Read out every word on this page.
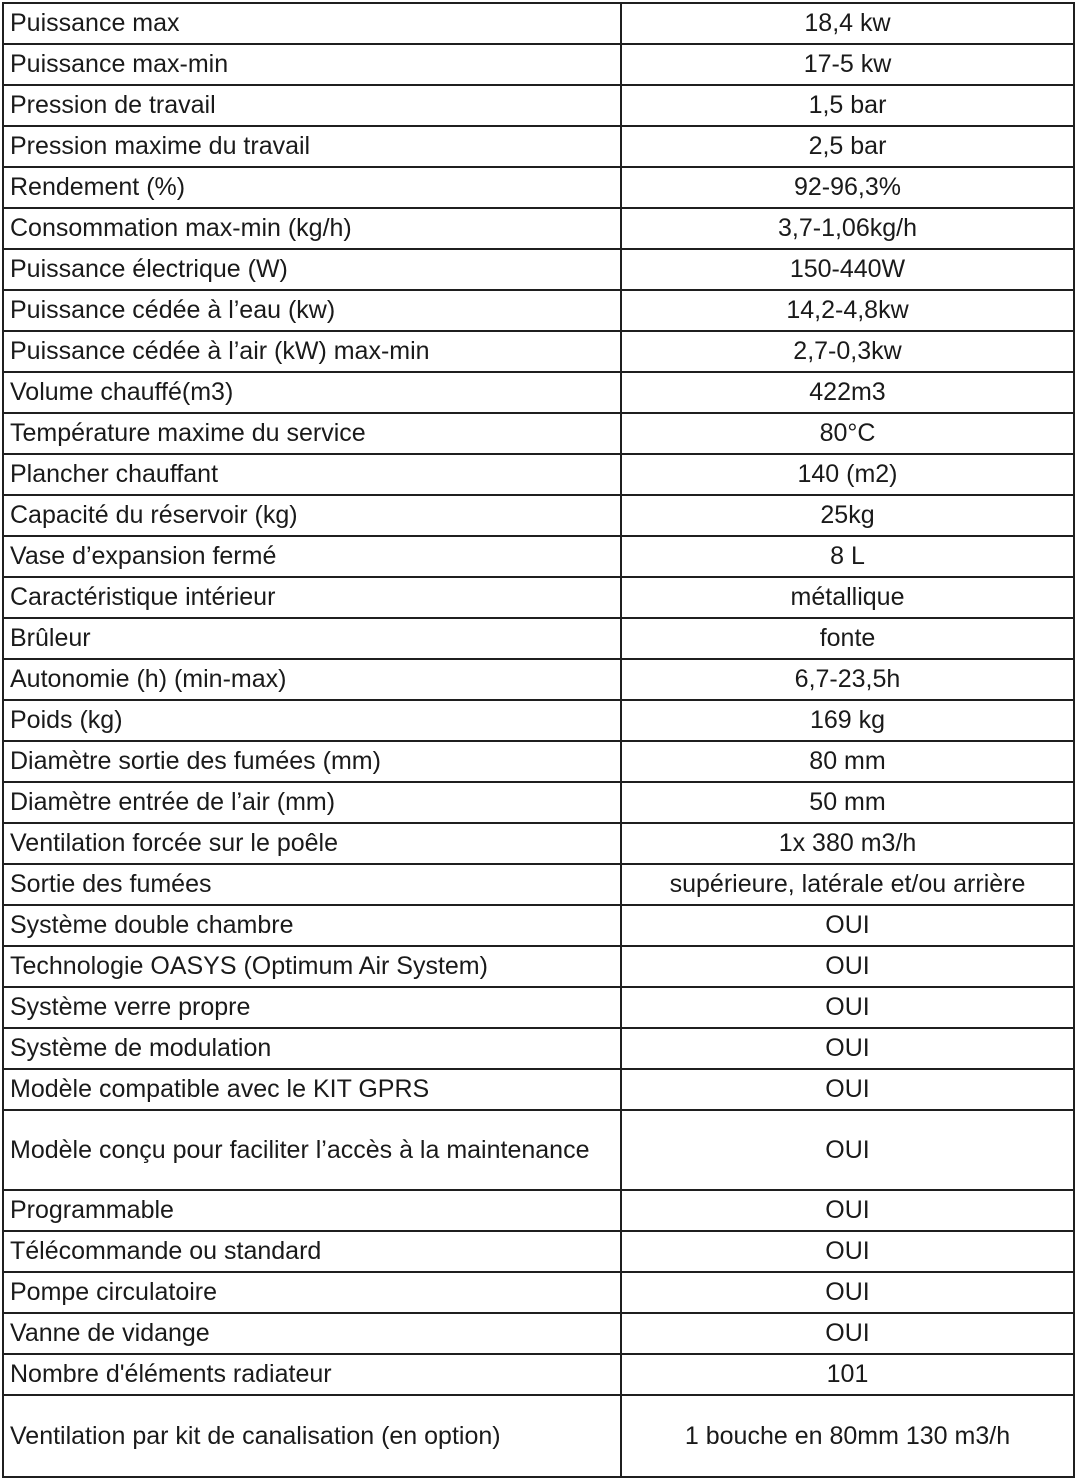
Puissance max	18,4 kw
Puissance max-min	17-5 kw
Pression de travail	1,5 bar
Pression maxime du travail	2,5 bar
Rendement (%)	92-96,3%
Consommation max-min (kg/h)	3,7-1,06kg/h
Puissance électrique (W)	150-440W
Puissance cédée à l’eau (kw)	14,2-4,8kw
Puissance cédée à l’air (kW) max-min	2,7-0,3kw
Volume chauffé(m3)	422m3
Température maxime du service	80°C
Plancher chauffant	140 (m2)
Capacité du réservoir (kg)	25kg
Vase d’expansion fermé	8 L
Caractéristique intérieur	métallique
Brûleur	fonte
Autonomie (h) (min-max)	6,7-23,5h
Poids (kg)	169 kg
Diamètre sortie des fumées (mm)	80 mm
Diamètre entrée de l’air (mm)	50 mm
Ventilation forcée sur le poêle	1x 380 m3/h
Sortie des fumées	supérieure, latérale et/ou arrière
Système double chambre	OUI
Technologie OASYS (Optimum Air System)	OUI
Système verre propre	OUI
Système de modulation	OUI
Modèle compatible avec le KIT GPRS	OUI
Modèle conçu pour faciliter l’accès à la maintenance	OUI
Programmable	OUI
Télécommande ou standard	OUI
Pompe circulatoire	OUI
Vanne de vidange	OUI
Nombre d'éléments radiateur	101
Ventilation par kit de canalisation (en option)	1 bouche en 80mm 130 m3/h
